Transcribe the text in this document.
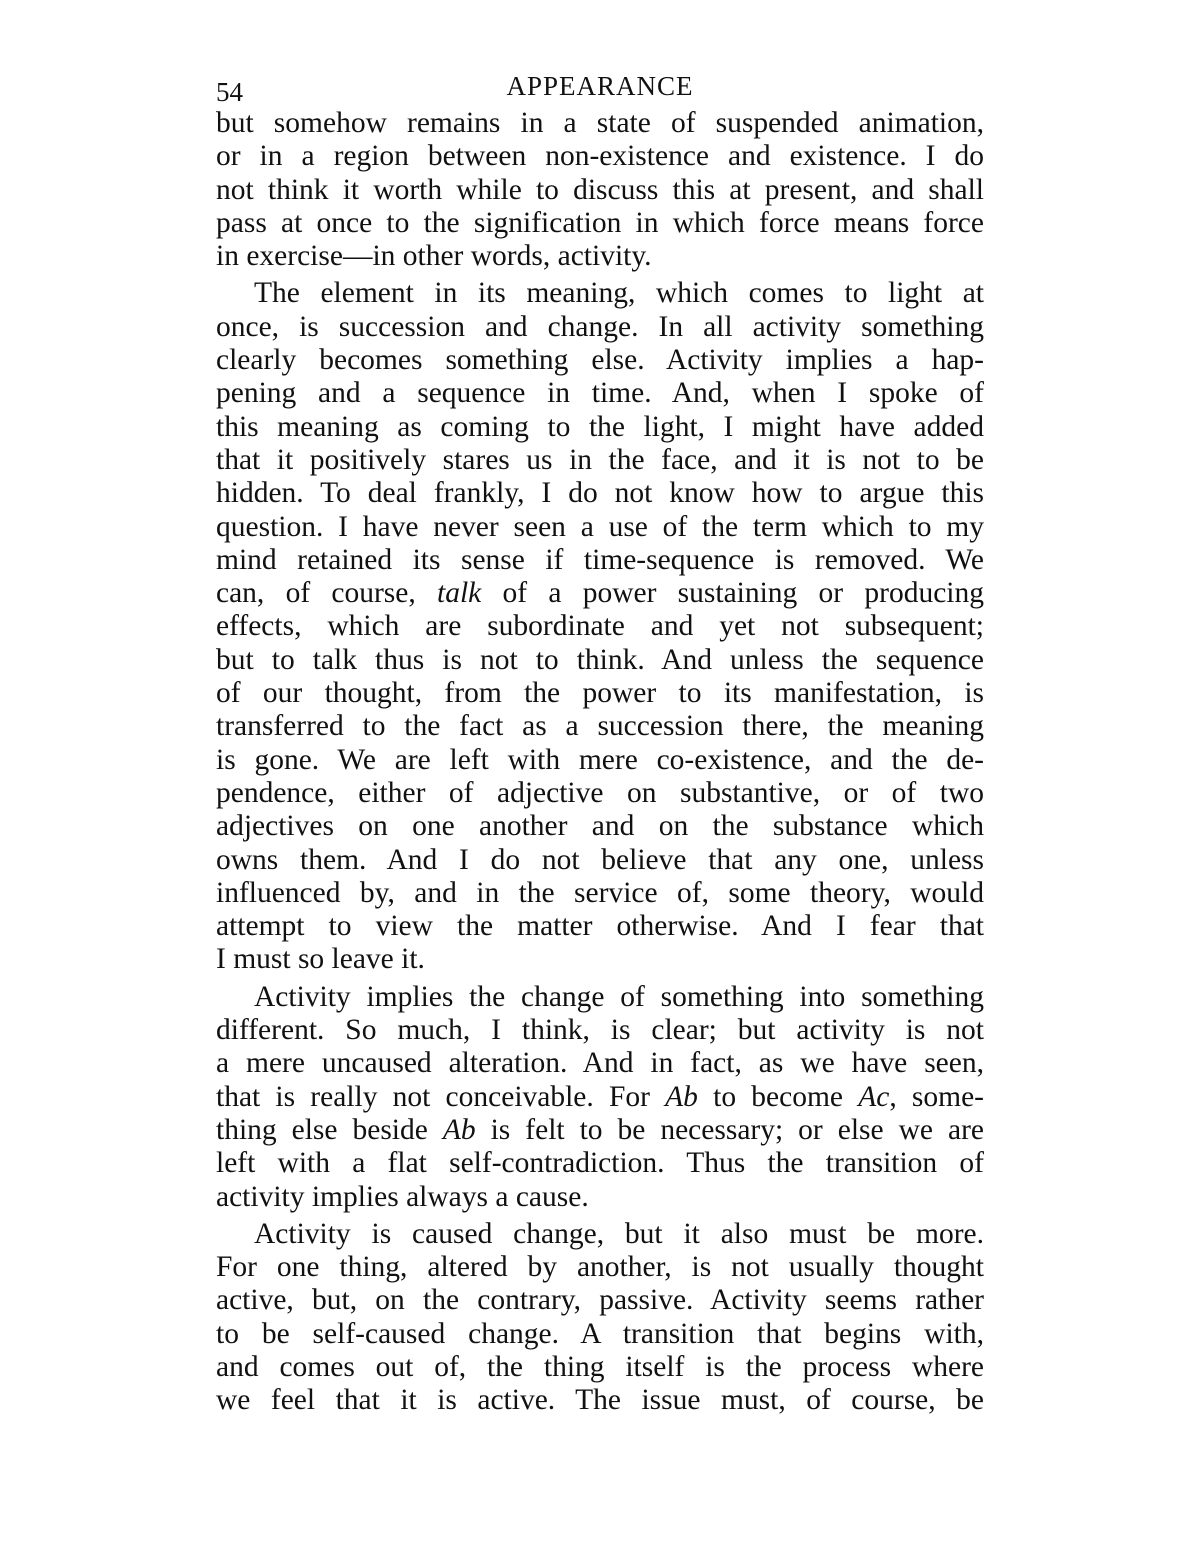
54	APPEARANCE
but somehow remains in a state of suspended animation,
or in a region between non-existence and existence. I do
not think it worth while to discuss this at present, and shall
pass at once to the signification in which force means force
in exercise—in other words, activity.
The element in its meaning, which comes to light at
once, is succession and change. In all activity something
clearly becomes something else. Activity implies a hap-
pening and a sequence in time. And, when I spoke of
this meaning as coming to the light, I might have added
that it positively stares us in the face, and it is not to be
hidden. To deal frankly, I do not know how to argue this
question. I have never seen a use of the term which to my
mind retained its sense if time-sequence is removed. We
can, of course, talk of a power sustaining or producing
effects, which are subordinate and yet not subsequent;
but to talk thus is not to think. And unless the sequence
of our thought, from the power to its manifestation, is
transferred to the fact as a succession there, the meaning
is gone. We are left with mere co-existence, and the de-
pendence, either of adjective on substantive, or of two
adjectives on one another and on the substance which
owns them. And I do not believe that any one, unless
influenced by, and in the service of, some theory, would
attempt to view the matter otherwise. And I fear that
I must so leave it.
Activity implies the change of something into something
different. So much, I think, is clear; but activity is not
a mere uncaused alteration. And in fact, as we have seen,
that is really not conceivable. For Ab to become Ac, some-
thing else beside Ab is felt to be necessary; or else we are
left with a flat self-contradiction. Thus the transition of
activity implies always a cause.
Activity is caused change, but it also must be more.
For one thing, altered by another, is not usually thought
active, but, on the contrary, passive. Activity seems rather
to be self-caused change. A transition that begins with,
and comes out of, the thing itself is the process where
we feel that it is active. The issue must, of course, be
